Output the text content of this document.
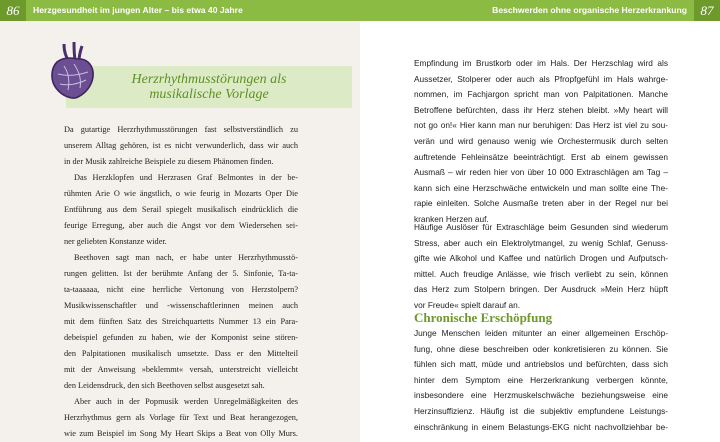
86	Herzgesundheit im jungen Alter – bis etwa 40 Jahre	Beschwerden ohne organische Herzerkrankung	87
Herzrhythmusstörungen als
musikalische Vorlage
Da gutartige Herzrhythmusstörungen fast selbstverständlich zu
unserem Alltag gehören, ist es nicht verwunderlich, dass wir auch
in der Musik zahlreiche Beispiele zu diesem Phänomen finden.
Das Herzklopfen und Herzrasen Graf Belmontes in der be-
rühmten Arie O wie ängstlich, o wie feurig in Mozarts Oper Die
Entführung aus dem Serail spiegelt musikalisch eindrücklich die
feurige Erregung, aber auch die Angst vor dem Wiedersehen sei-
ner geliebten Konstanze wider.
Beethoven sagt man nach, er habe unter Herzrhythmusstö-
rungen gelitten. Ist der berühmte Anfang der 5. Sinfonie, Ta-ta-
ta-taaaaaa, nicht eine herrliche Vertonung von Herzstolpern?
Musikwissenschaftler und -wissenschaftlerinnen meinen auch
mit dem fünften Satz des Streichquartetts Nummer 13 ein Para-
debeispiel gefunden zu haben, wie der Komponist seine stören-
den Palpitationen musikalisch umsetzte. Dass er den Mittelteil
mit der Anweisung »beklemmt« versah, unterstreicht vielleicht
den Leidensdruck, den sich Beethoven selbst ausgesetzt sah.
Aber auch in der Popmusik werden Unregelmäßigkeiten des
Herzrhythmus gern als Vorlage für Text und Beat herangezogen,
wie zum Beispiel im Song My Heart Skips a Beat von Olly Murs.
Empfindung im Brustkorb oder im Hals. Der Herzschlag wird als
Aussetzer, Stolperer oder auch als Pfropfgefühl im Hals wahrge-
nommen, im Fachjargon spricht man von Palpitationen. Manche
Betroffene befürchten, dass ihr Herz stehen bleibt. »My heart will
not go on!« Hier kann man nur beruhigen: Das Herz ist viel zu sou-
verän und wird genauso wenig wie Orchestermusik durch selten
auftretende Fehleinsätze beeinträchtigt. Erst ab einem gewissen
Ausmaß – wir reden hier von über 10 000 Extraschlägen am Tag –
kann sich eine Herzschwäche entwickeln und man sollte eine The-
rapie einleiten. Solche Ausmaße treten aber in der Regel nur bei
kranken Herzen auf.
Häufige Auslöser für Extraschläge beim Gesunden sind wiederum
Stress, aber auch ein Elektrolytmangel, zu wenig Schlaf, Genuss-
gifte wie Alkohol und Kaffee und natürlich Drogen und Aufputsch-
mittel. Auch freudige Anlässe, wie frisch verliebt zu sein, können
das Herz zum Stolpern bringen. Der Ausdruck »Mein Herz hüpft
vor Freude« spielt darauf an.
Chronische Erschöpfung
Junge Menschen leiden mitunter an einer allgemeinen Erschöp-
fung, ohne diese beschreiben oder konkretisieren zu können. Sie
fühlen sich matt, müde und antriebslos und befürchten, dass sich
hinter dem Symptom eine Herzerkrankung verbergen könnte,
insbesondere eine Herzmuskelschwäche beziehungsweise eine
Herzinsuffizienz. Häufig ist die subjektiv empfundene Leistungs-
einschränkung in einem Belastungs-EKG nicht nachvollziehbar be-
